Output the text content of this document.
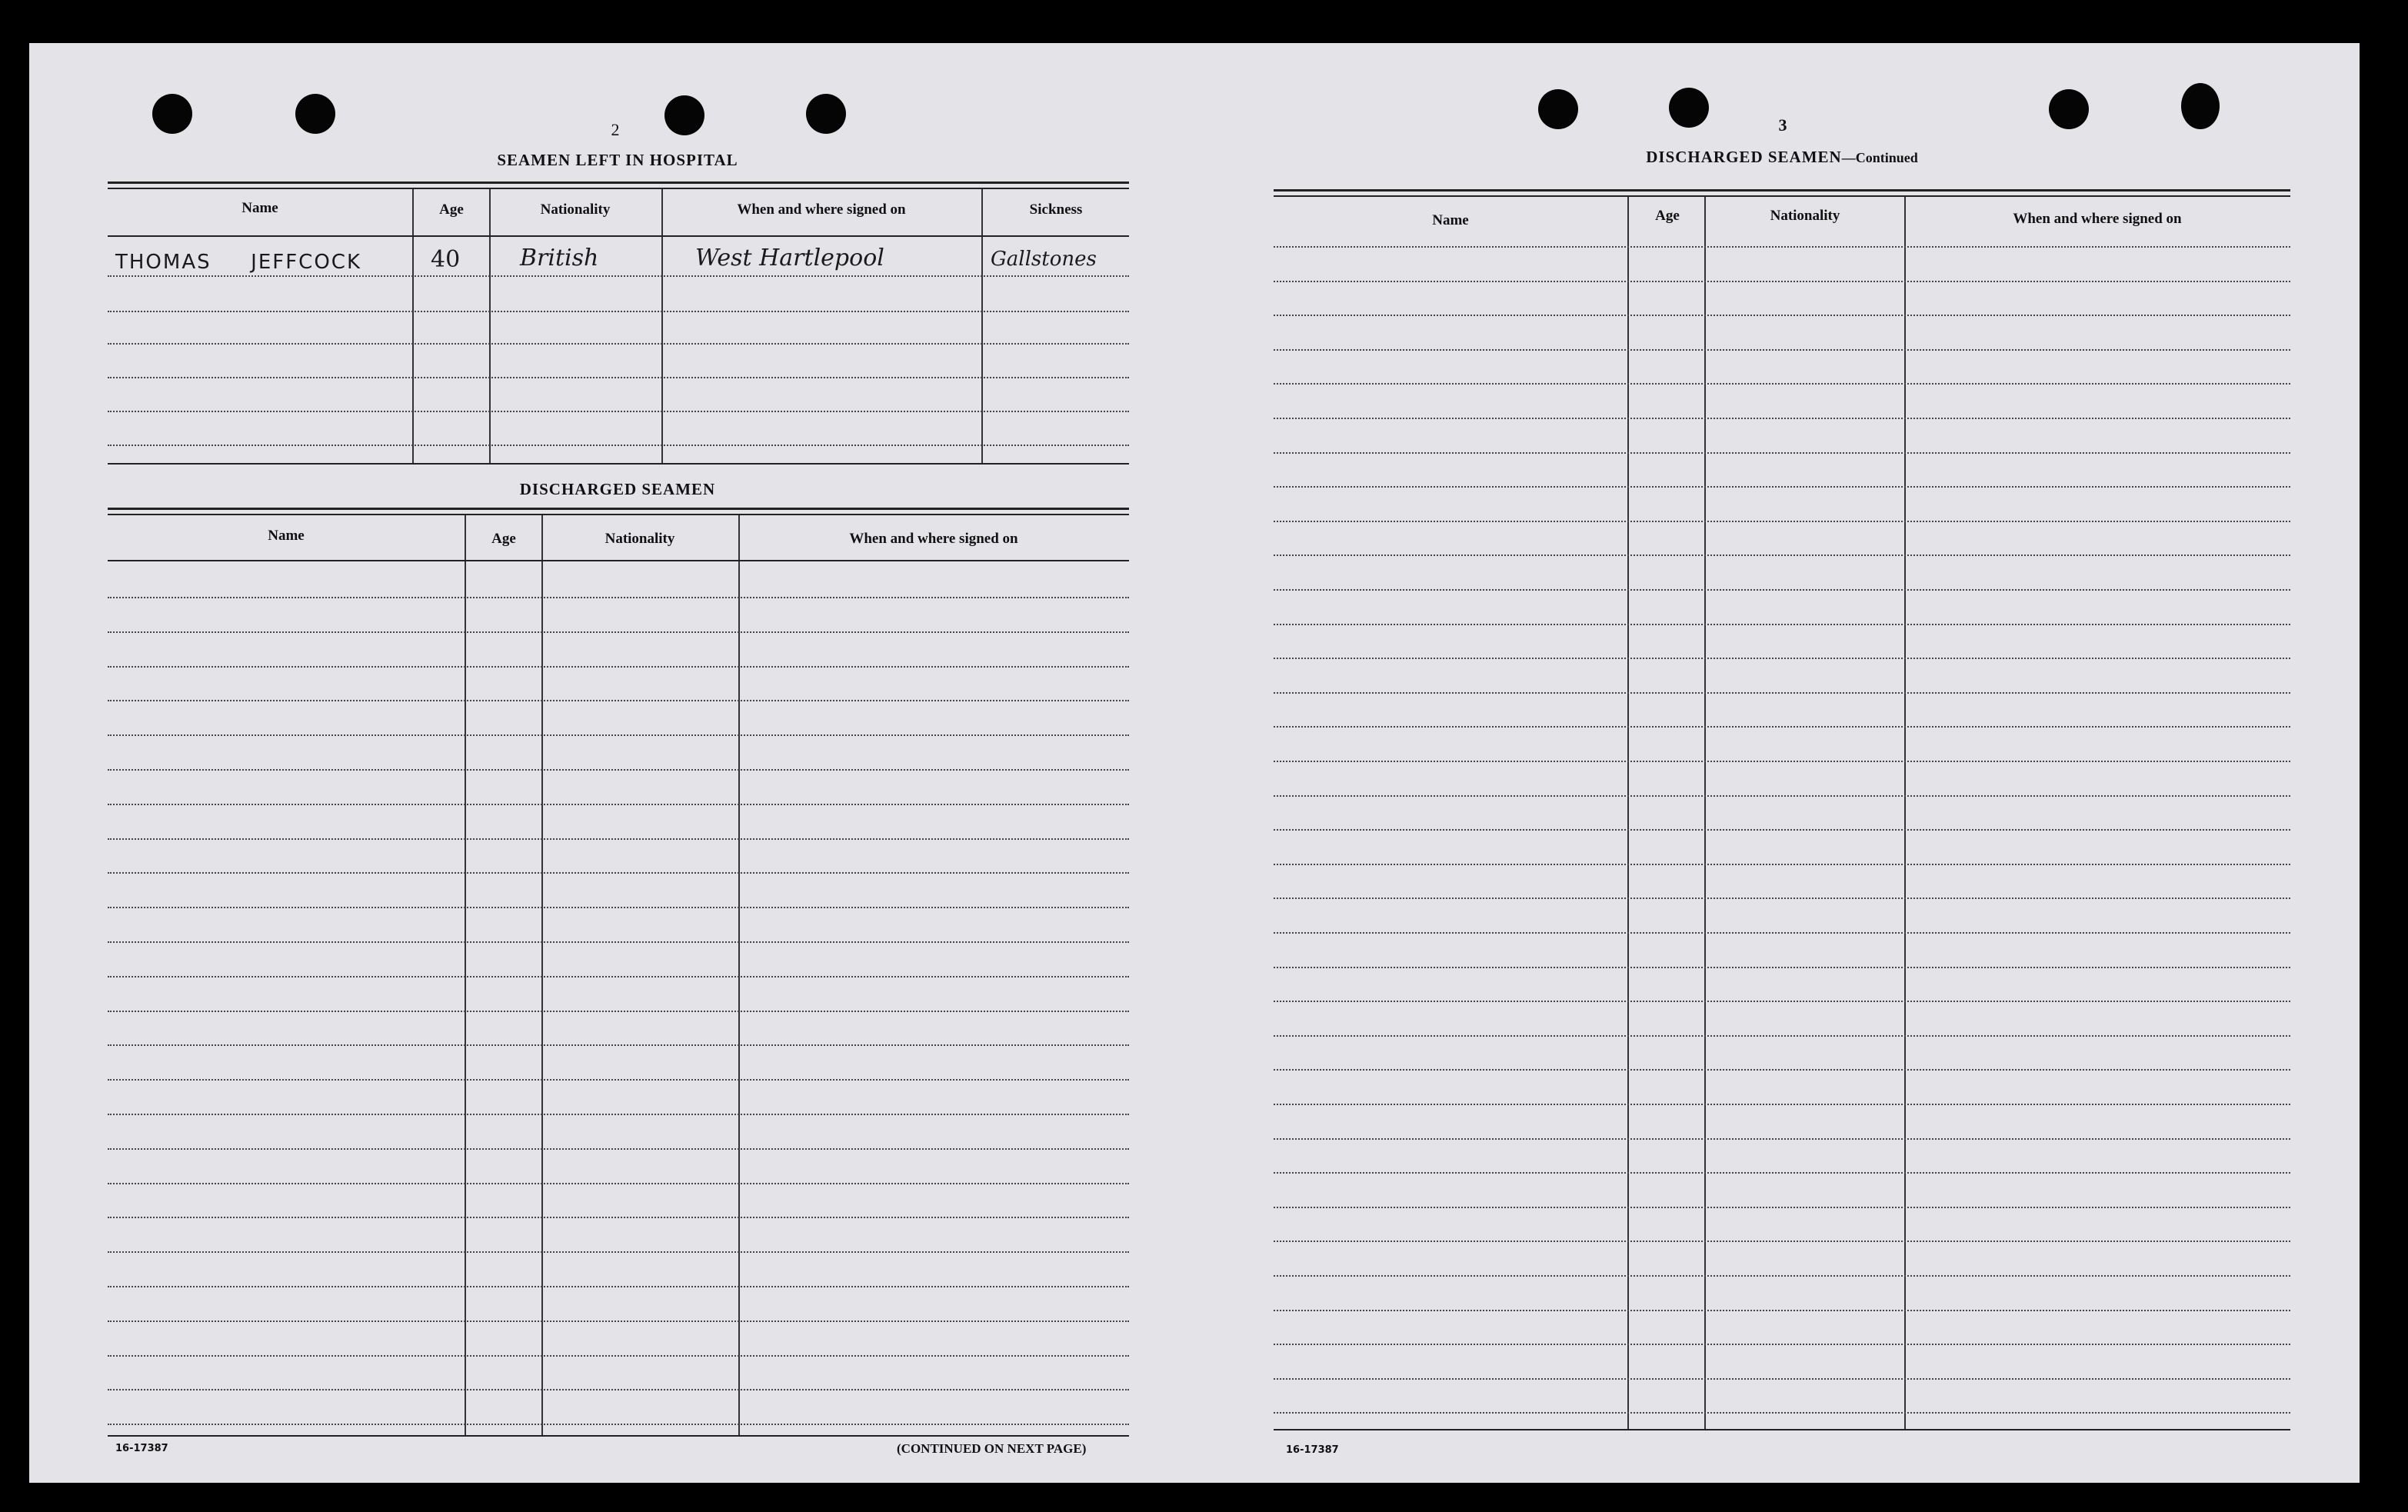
2
SEAMEN LEFT IN HOSPITAL
Name	Age	Nationality	When and where signed on	Sickness
THOMAS JEFFCOCK	40	British	West Hartlepool	Gallstones
DISCHARGED SEAMEN
Name	Age	Nationality	When and where signed on
16-17387	(CONTINUED ON NEXT PAGE)
3
DISCHARGED SEAMEN—Continued
Name	Age	Nationality	When and where signed on
16-17387
